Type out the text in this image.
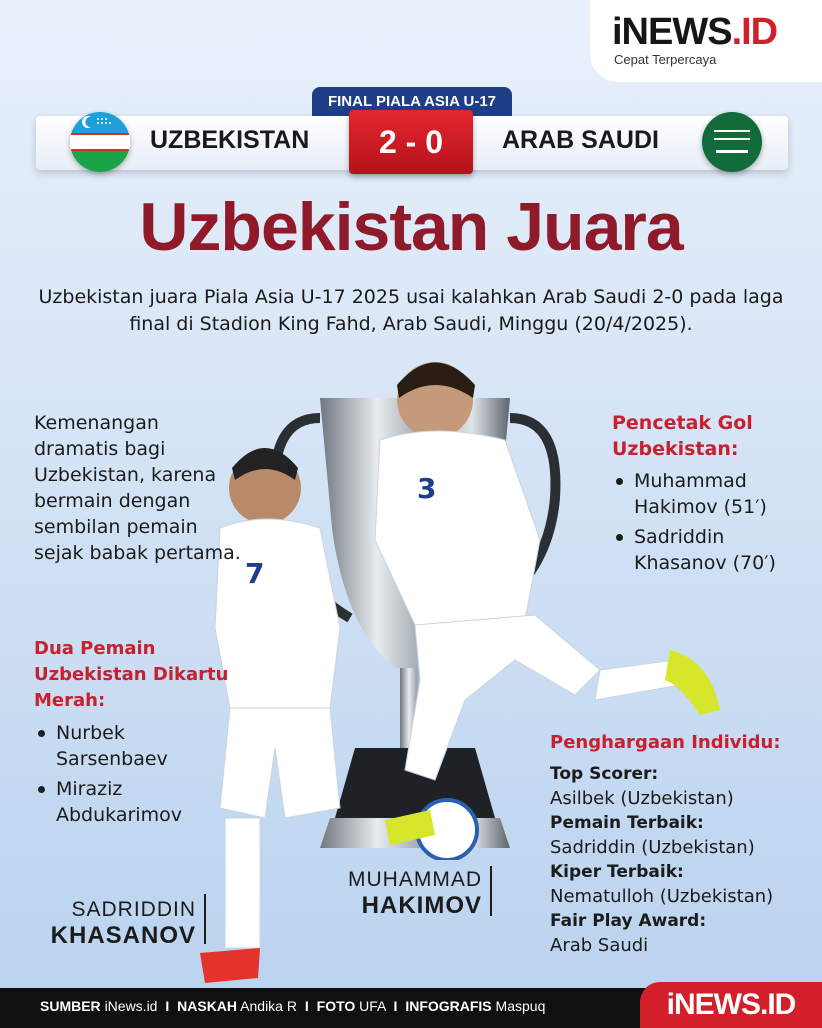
iNEWS.ID
Cepat Terpercaya
FINAL PIALA ASIA U-17
UZBEKISTAN	2 - 0	ARAB SAUDI
Uzbekistan Juara
Uzbekistan juara Piala Asia U-17 2025 usai kalahkan Arab Saudi 2-0 pada laga final di Stadion King Fahd, Arab Saudi, Minggu (20/4/2025).
7
3
Kemenangan dramatis bagi Uzbekistan, karena bermain dengan sembilan pemain sejak babak pertama.
Dua Pemain Uzbekistan Dikartu Merah:
Nurbek Sarsenbaev
Miraziz Abdukarimov
Pencetak Gol Uzbekistan:
Muhammad Hakimov (51′)
Sadriddin Khasanov (70′)
Penghargaan Individu:
Top Scorer:
Asilbek (Uzbekistan)
Pemain Terbaik:
Sadriddin (Uzbekistan)
Kiper Terbaik:
Nematulloh (Uzbekistan)
Fair Play Award:
Arab Saudi
SADRIDDIN
KHASANOV
MUHAMMAD
HAKIMOV
SUMBER iNews.id I NASKAH Andika R I FOTO UFA I INFOGRAFIS Maspuq	iNEWS.ID
